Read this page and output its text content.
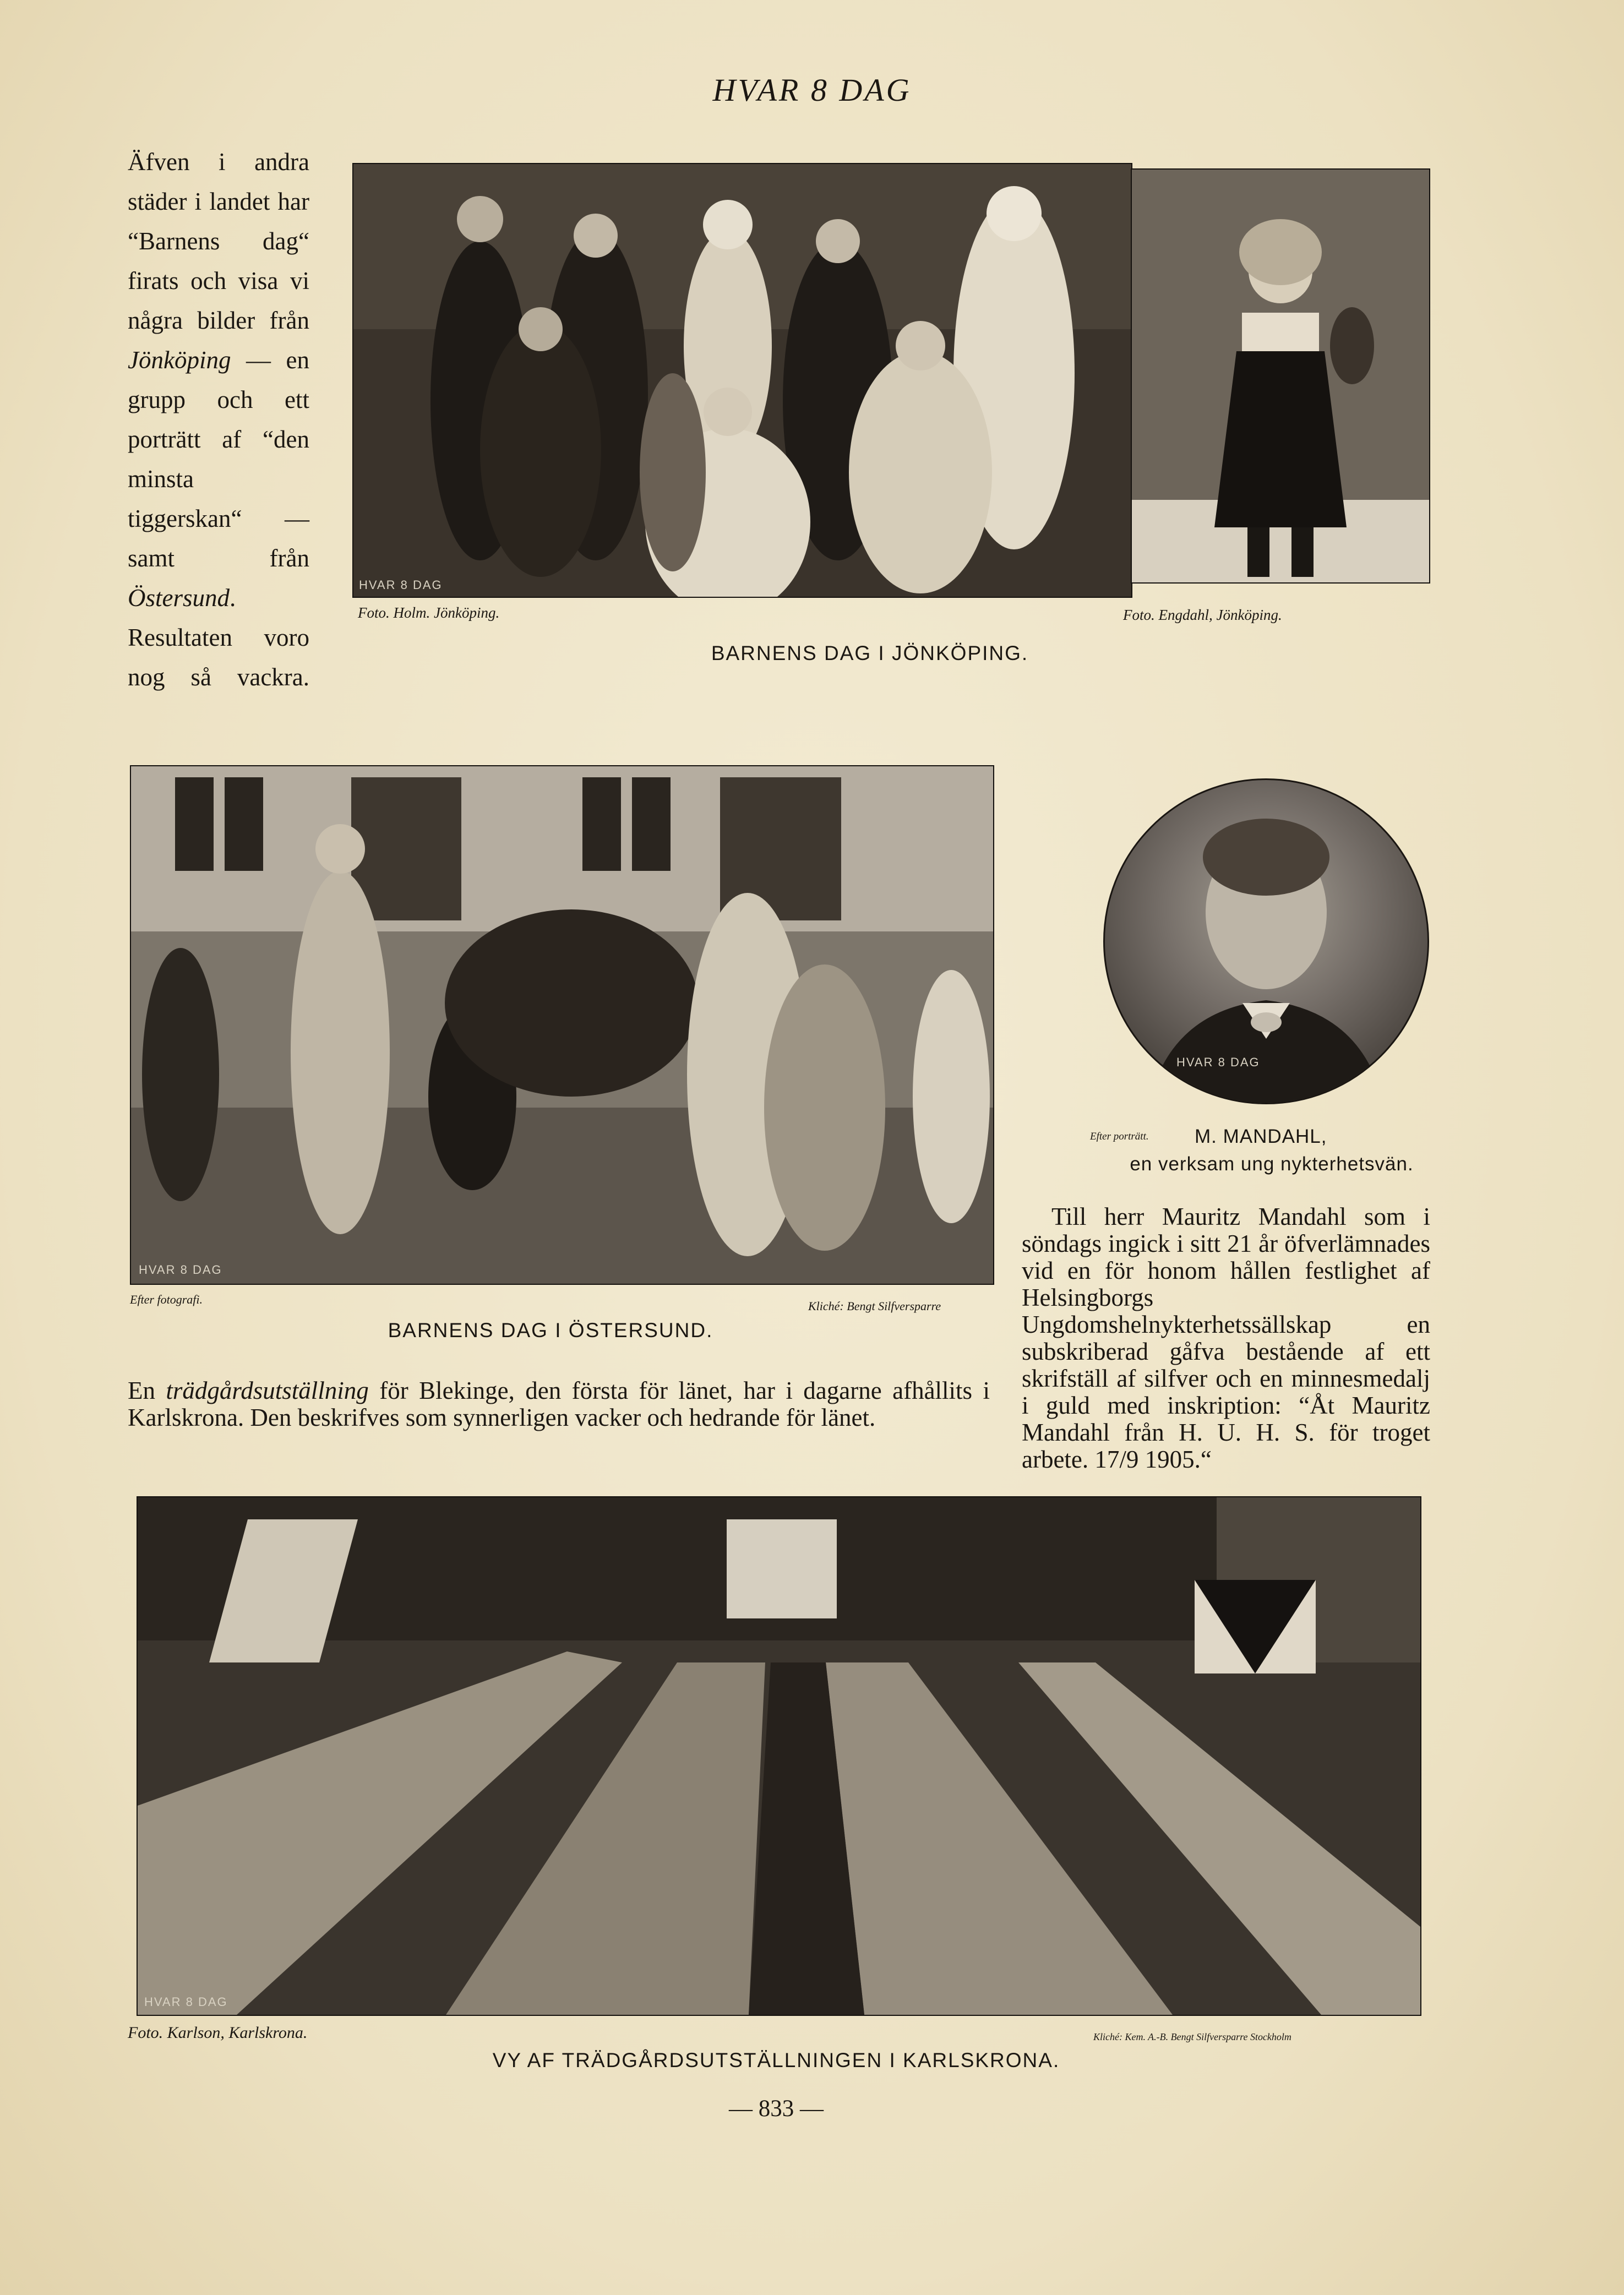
HVAR 8 DAG
Äfven i andra städer i landet har “Barnens dag“ firats och visa vi några bilder från Jönköping — en grupp och ett porträtt af “den minsta tiggerskan“ — samt från Östersund. Resultaten voro nog så vackra.
HVAR 8 DAG
Foto. Holm. Jönköping.	Foto. Engdahl, Jönköping.
BARNENS DAG I JÖNKÖPING.
HVAR 8 DAG
Efter fotografi.	Kliché: Bengt Silfversparre
BARNENS DAG I ÖSTERSUND.
En trädgårdsutställning för Blekinge, den första för länet, har i dagarne afhållits i Karlskrona. Den beskrifves som synnerligen vacker och hedrande för länet.
HVAR 8 DAG
Efter porträtt. M. MANDAHL,
en verksam ung nykterhetsvän.
Till herr Mauritz Mandahl som i söndags ingick i sitt 21 år öfverlämnades vid en för honom hållen festlighet af Helsingborgs Ungdomshelnykterhetssällskap en subskriberad gåfva bestående af ett skrifställ af silfver och en minnesmedalj i guld med inskription: “Åt Mauritz Mandahl från H. U. H. S. för troget arbete. 17/9 1905.“
HVAR 8 DAG
Foto. Karlson, Karlskrona.	Kliché: Kem. A.-B. Bengt Silfversparre Stockholm
VY AF TRÄDGÅRDSUTSTÄLLNINGEN I KARLSKRONA.
— 833 —
